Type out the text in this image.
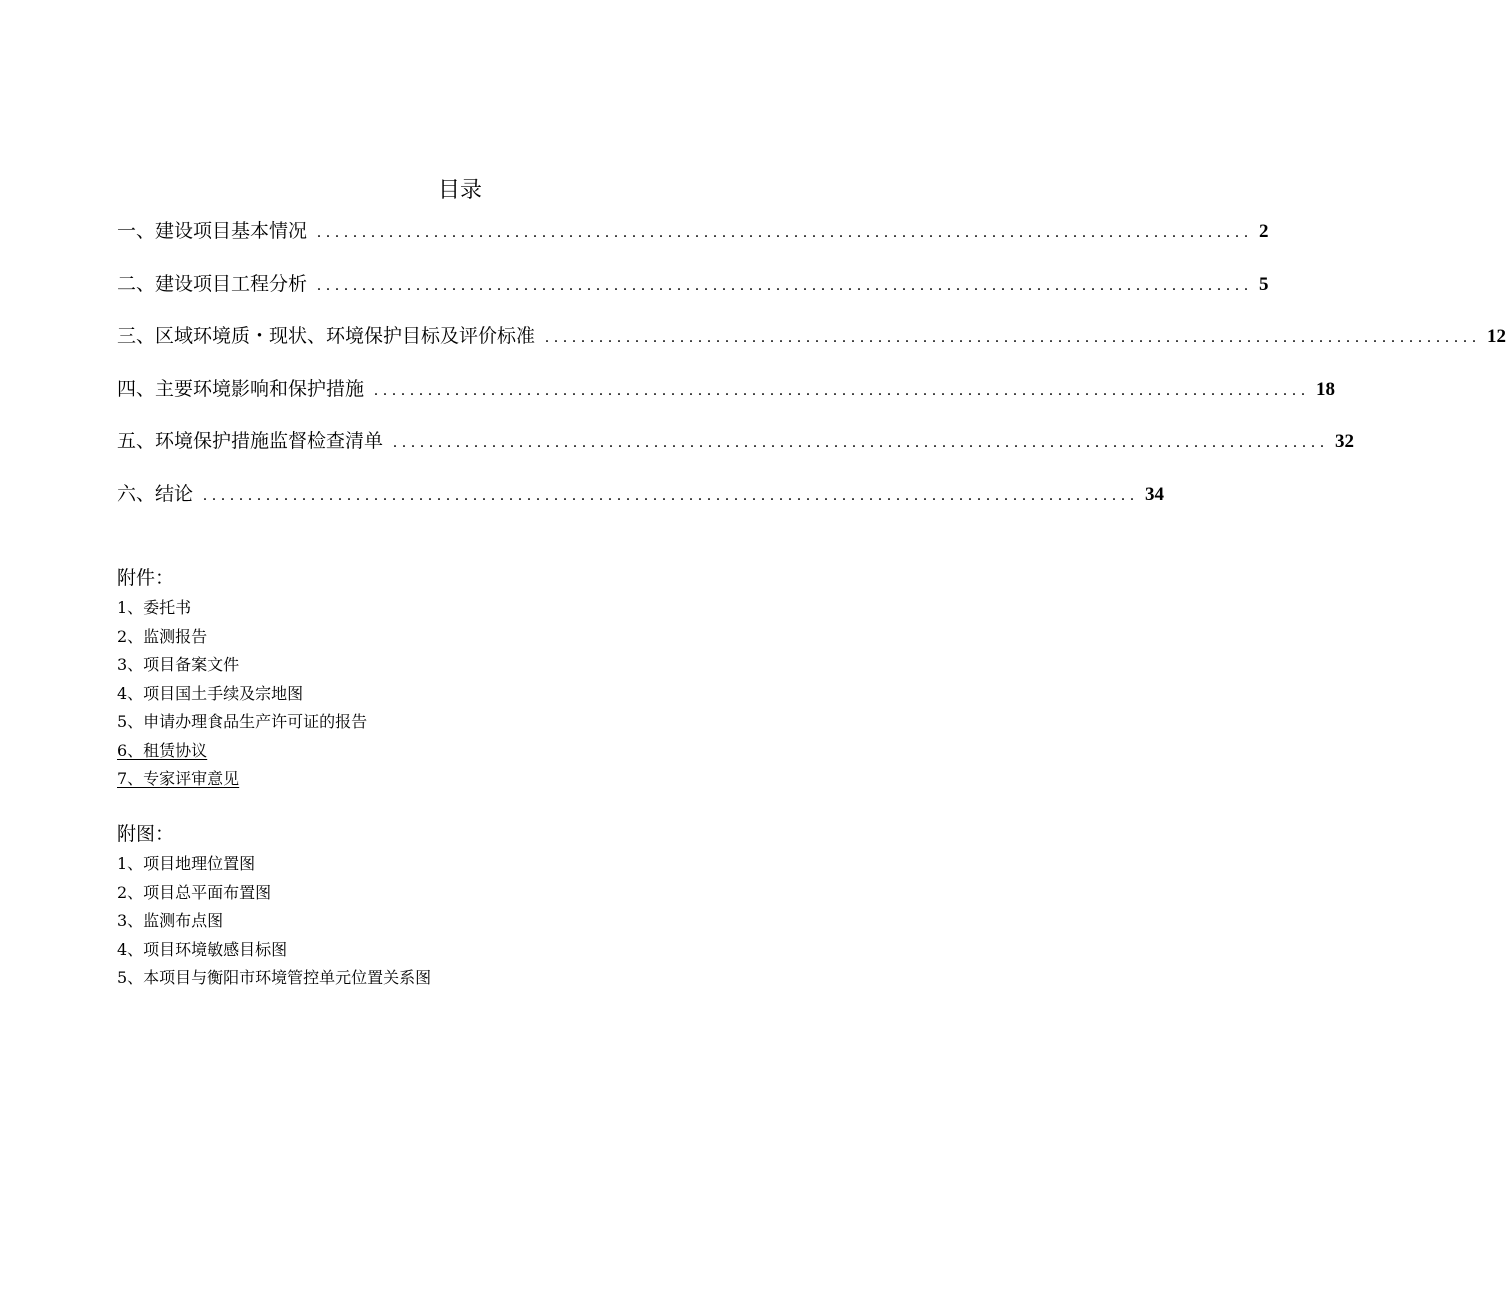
目录
一、建设项目基本情况 ........................................................................................................ 2
二、建设项目工程分析 ........................................................................................................ 5
三、区域环境质・现状、环境保护目标及评价标准 ........................................................................................................ 12
四、主要环境影响和保护措施 ........................................................................................................ 18
五、环境保护措施监督检查清单 ........................................................................................................ 32
六、结论 ........................................................................................................ 34
附件：
1、委托书
2、监测报告
3、项目备案文件
4、项目国土手续及宗地图
5、申请办理食品生产许可证的报告
6、租赁协议
7、专家评审意见
附图：
1、项目地理位置图
2、项目总平面布置图
3、监测布点图
4、项目环境敏感目标图
5、本项目与衡阳市环境管控单元位置关系图
